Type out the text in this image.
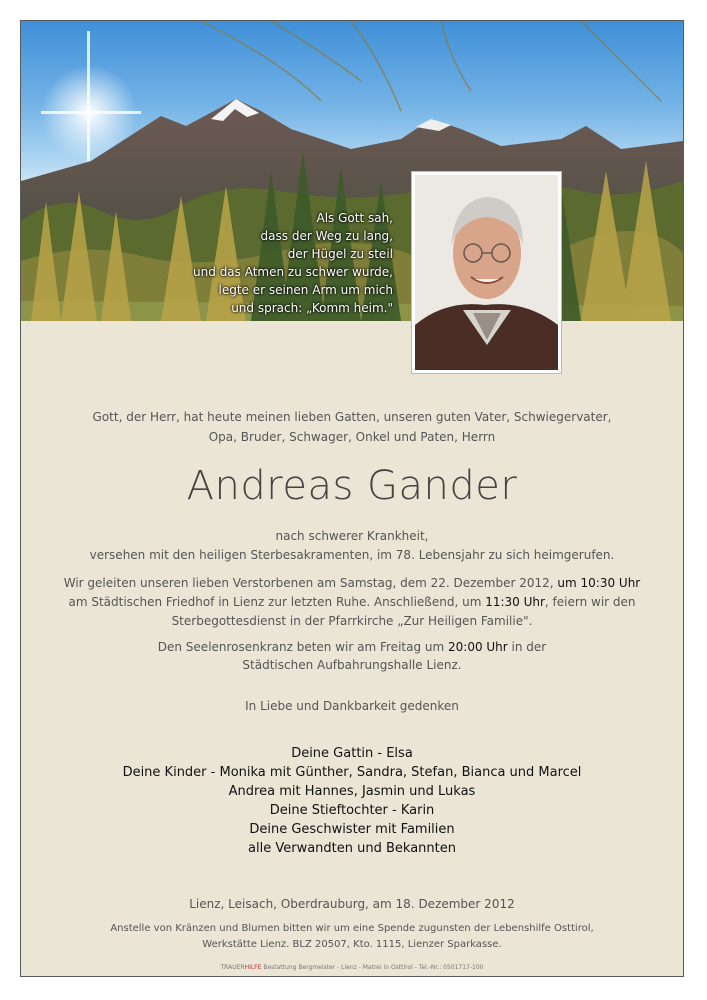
Als Gott sah,
dass der Weg zu lang,
der Hügel zu steil
und das Atmen zu schwer wurde,
legte er seinen Arm um mich
und sprach: „Komm heim."
Gott, der Herr, hat heute meinen lieben Gatten, unseren guten Vater, Schwiegervater,
Opa, Bruder, Schwager, Onkel und Paten, Herrn
Andreas Gander
nach schwerer Krankheit,
versehen mit den heiligen Sterbesakramenten, im 78. Lebensjahr zu sich heimgerufen.
Wir geleiten unseren lieben Verstorbenen am Samstag, dem 22. Dezember 2012, um 10:30 Uhr
am Städtischen Friedhof in Lienz zur letzten Ruhe. Anschließend, um 11:30 Uhr, feiern wir den
Sterbegottesdienst in der Pfarrkirche „Zur Heiligen Familie".
Den Seelenrosenkranz beten wir am Freitag um 20:00 Uhr in der
Städtischen Aufbahrungshalle Lienz.
In Liebe und Dankbarkeit gedenken
Deine Gattin - Elsa
Deine Kinder - Monika mit Günther, Sandra, Stefan, Bianca und Marcel
Andrea mit Hannes, Jasmin und Lukas
Deine Stieftochter - Karin
Deine Geschwister mit Familien
alle Verwandten und Bekannten
Lienz, Leisach, Oberdrauburg, am 18. Dezember 2012
Anstelle von Kränzen und Blumen bitten wir um eine Spende zugunsten der Lebenshilfe Osttirol,
Werkstätte Lienz. BLZ 20507, Kto. 1115, Lienzer Sparkasse.
TRAUERHILFE Bestattung Bergmeister - Lienz - Matrei in Osttirol - Tel.-Nr.: 0501717-100
